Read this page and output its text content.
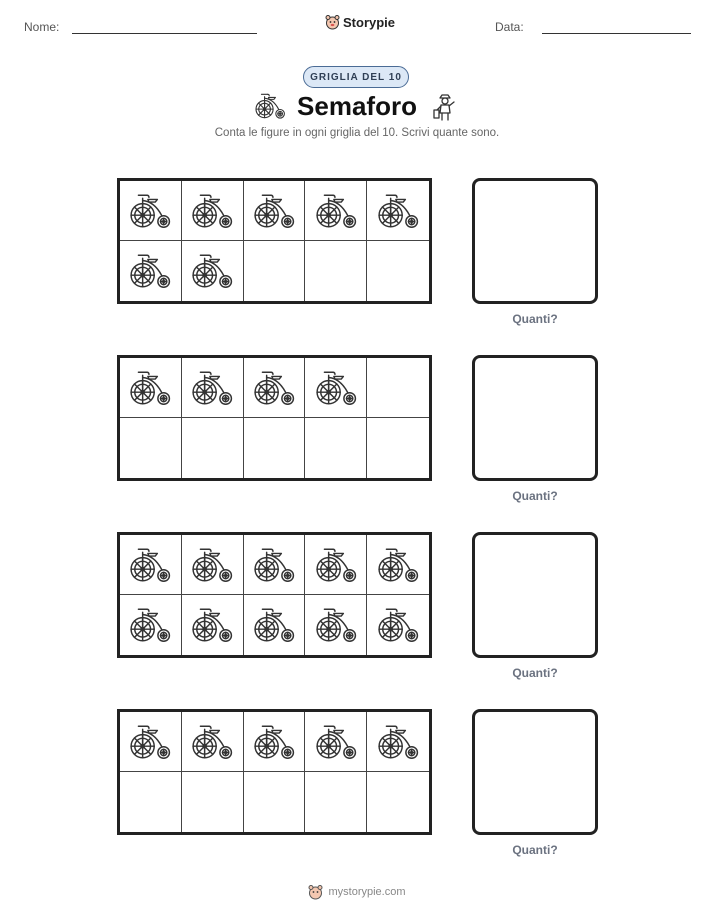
Nome:	Storypie	Data:
GRIGLIA DEL 10
Semaforo
Conta le figure in ogni griglia del 10. Scrivi quante sono.
Quanti?
Quanti?
Quanti?
Quanti?
mystorypie.com
